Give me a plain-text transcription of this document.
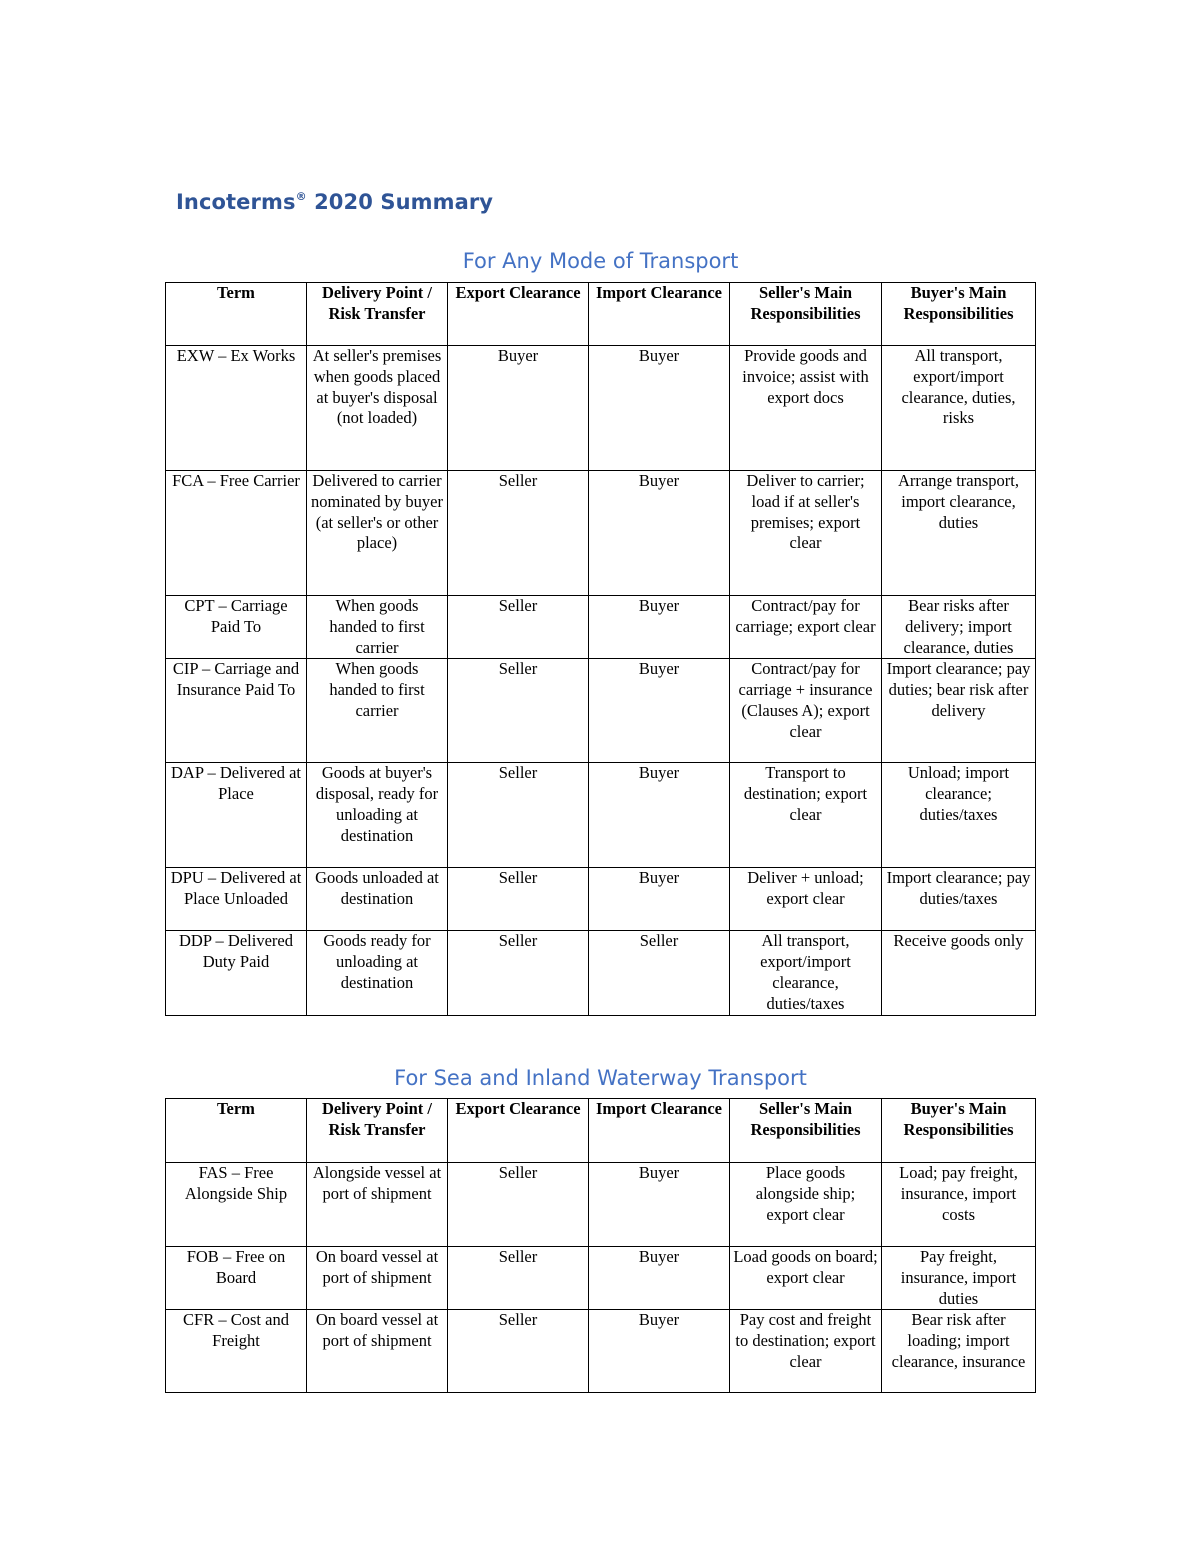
Incoterms® 2020 Summary
For Any Mode of Transport
Term	Delivery Point / Risk Transfer	Export Clearance	Import Clearance	Seller's Main Responsibilities	Buyer's Main Responsibilities
EXW – Ex Works	At seller's premises when goods placed at buyer's disposal (not loaded)	Buyer	Buyer	Provide goods and invoice; assist with export docs	All transport, export/import clearance, duties, risks
FCA – Free Carrier	Delivered to carrier nominated by buyer (at seller's or other place)	Seller	Buyer	Deliver to carrier; load if at seller's premises; export clear	Arrange transport, import clearance, duties
CPT – Carriage Paid To	When goods handed to first carrier	Seller	Buyer	Contract/pay for carriage; export clear	Bear risks after delivery; import clearance, duties
CIP – Carriage and Insurance Paid To	When goods handed to first carrier	Seller	Buyer	Contract/pay for carriage + insurance (Clauses A); export clear	Import clearance; pay duties; bear risk after delivery
DAP – Delivered at Place	Goods at buyer's disposal, ready for unloading at destination	Seller	Buyer	Transport to destination; export clear	Unload; import clearance; duties/taxes
DPU – Delivered at Place Unloaded	Goods unloaded at destination	Seller	Buyer	Deliver + unload; export clear	Import clearance; pay duties/taxes
DDP – Delivered Duty Paid	Goods ready for unloading at destination	Seller	Seller	All transport, export/import clearance, duties/taxes	Receive goods only
For Sea and Inland Waterway Transport
Term	Delivery Point / Risk Transfer	Export Clearance	Import Clearance	Seller's Main Responsibilities	Buyer's Main Responsibilities
FAS – Free Alongside Ship	Alongside vessel at port of shipment	Seller	Buyer	Place goods alongside ship; export clear	Load; pay freight, insurance, import costs
FOB – Free on Board	On board vessel at port of shipment	Seller	Buyer	Load goods on board; export clear	Pay freight, insurance, import duties
CFR – Cost and Freight	On board vessel at port of shipment	Seller	Buyer	Pay cost and freight to destination; export clear	Bear risk after loading; import clearance, insurance
